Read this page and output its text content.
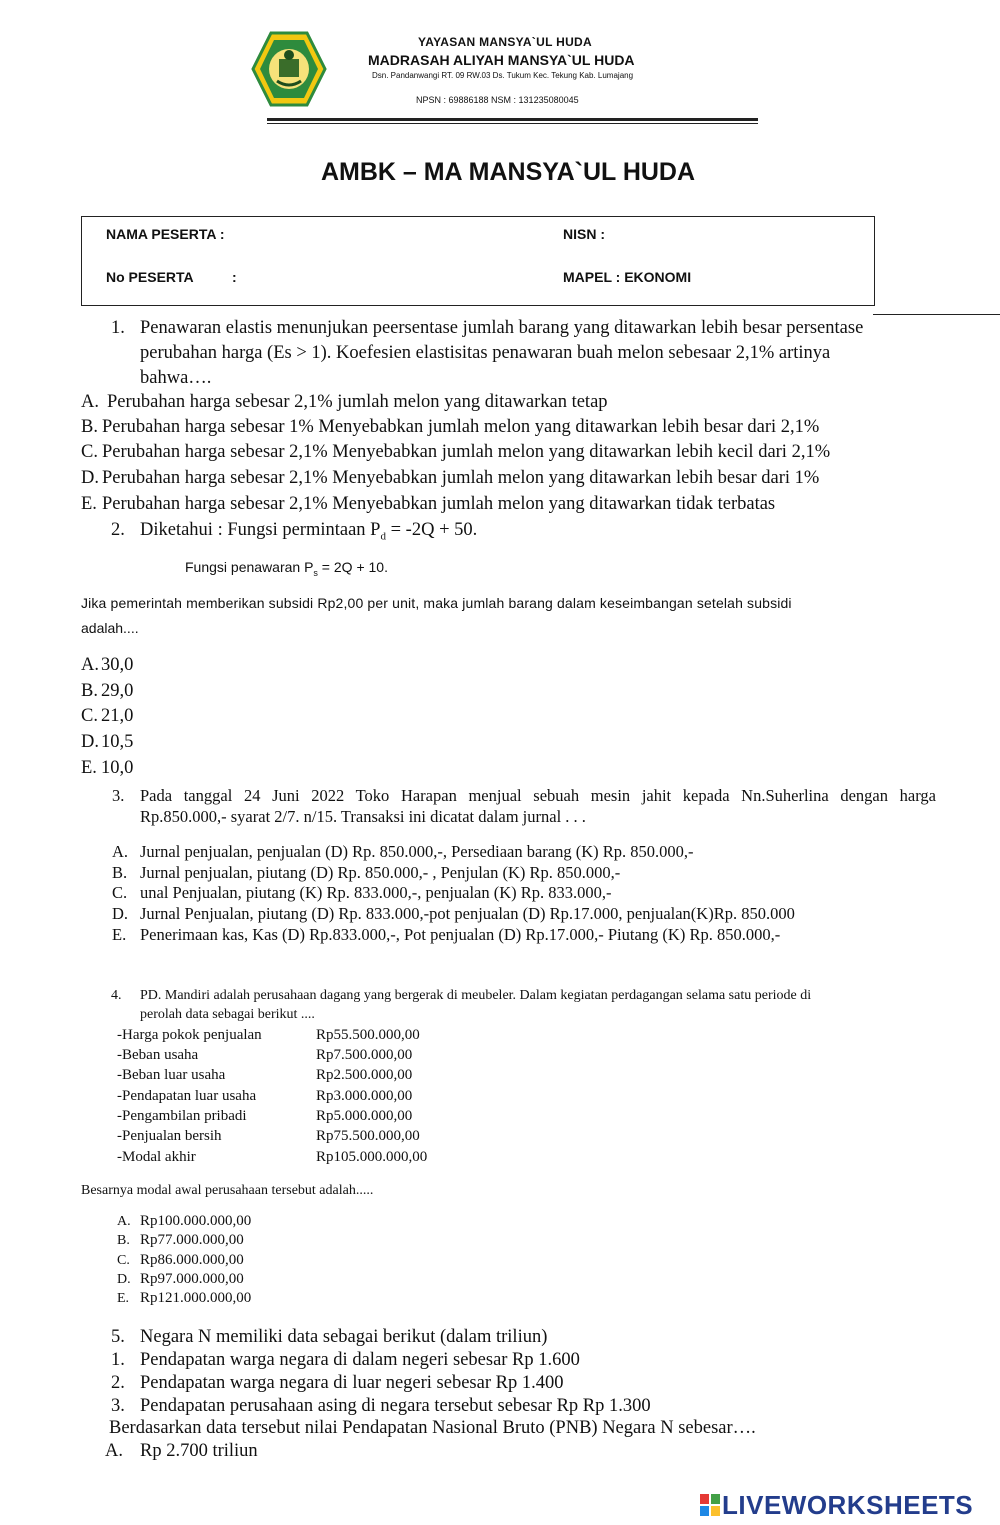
YAYASAN MANSYA`UL HUDA
MADRASAH ALIYAH MANSYA`UL HUDA
Dsn. Pandanwangi RT. 09 RW.03 Ds. Tukum Kec. Tekung Kab. Lumajang
NPSN : 69886188 NSM : 131235080045
AMBK – MA MANSYA`UL HUDA
NAMA PESERTA :	NISN :
No PESERTA	:	MAPEL : EKONOMI
1. Penawaran elastis menunjukan peersentase jumlah barang yang ditawarkan lebih besar persentase
perubahan harga (Es > 1). Koefesien elastisitas penawaran buah melon sebesaar 2,1% artinya
bahwa….
A. Perubahan harga sebesar 2,1% jumlah melon yang ditawarkan tetap
B. Perubahan harga sebesar 1% Menyebabkan jumlah melon yang ditawarkan lebih besar dari 2,1%
C. Perubahan harga sebesar 2,1% Menyebabkan jumlah melon yang ditawarkan lebih kecil dari 2,1%
D. Perubahan harga sebesar 2,1% Menyebabkan jumlah melon yang ditawarkan lebih besar dari 1%
E. Perubahan harga sebesar 2,1% Menyebabkan jumlah melon yang ditawarkan tidak terbatas
2. Diketahui : Fungsi permintaan $P_d = -2Q + 50$.
Fungsi penawaran $P_s = 2Q + 10$.
Jika pemerintah memberikan subsidi Rp2,00 per unit, maka jumlah barang dalam keseimbangan setelah subsidi
adalah....
A. 30,0
B. 29,0
C. 21,0
D. 10,5
E. 10,0
3. Pada tanggal 24 Juni 2022 Toko Harapan menjual sebuah mesin jahit kepada Nn.Suherlina dengan harga
Rp.850.000,- syarat 2/7. n/15. Transaksi ini dicatat dalam jurnal . . .
A. Jurnal penjualan, penjualan (D) Rp. 850.000,-, Persediaan barang (K) Rp. 850.000,-
B. Jurnal penjualan, piutang (D) Rp. 850.000,- , Penjulan (K) Rp. 850.000,-
C. unal Penjualan, piutang (K) Rp. 833.000,-, penjualan (K) Rp. 833.000,-
D. Jurnal Penjualan, piutang (D) Rp. 833.000,-pot penjualan (D) Rp.17.000, penjualan(K)Rp. 850.000
E. Penerimaan kas, Kas (D) Rp.833.000,-, Pot penjualan (D) Rp.17.000,- Piutang (K) Rp. 850.000,-
4. PD. Mandiri adalah perusahaan dagang yang bergerak di meubeler. Dalam kegiatan perdagangan selama satu periode di
perolah data sebagai berikut ....
-Harga pokok penjualan	Rp55.500.000,00
-Beban usaha	Rp7.500.000,00
-Beban luar usaha	Rp2.500.000,00
-Pendapatan luar usaha	Rp3.000.000,00
-Pengambilan pribadi	Rp5.000.000,00
-Penjualan bersih	Rp75.500.000,00
-Modal akhir	Rp105.000.000,00
Besarnya modal awal perusahaan tersebut adalah.....
A. Rp100.000.000,00
B. Rp77.000.000,00
C. Rp86.000.000,00
D. Rp97.000.000,00
E. Rp121.000.000,00
5. Negara N memiliki data sebagai berikut (dalam triliun)
1. Pendapatan warga negara di dalam negeri sebesar Rp 1.600
2. Pendapatan warga negara di luar negeri sebesar Rp 1.400
3. Pendapatan perusahaan asing di negara tersebut sebesar Rp Rp 1.300
Berdasarkan data tersebut nilai Pendapatan Nasional Bruto (PNB) Negara N sebesar….
A. Rp 2.700 triliun
LIVEWORKSHEETS
